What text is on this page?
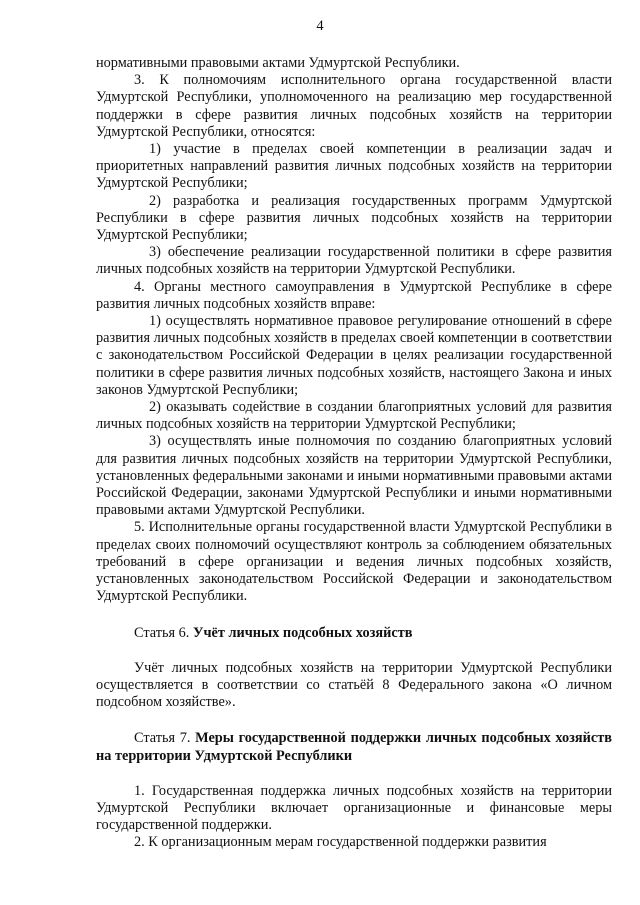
4

нормативными правовыми актами Удмуртской Республики.

3. К полномочиям исполнительного органа государственной власти Удмуртской Республики, уполномоченного на реализацию мер государственной поддержки в сфере развития личных подсобных хозяйств на территории Удмуртской Республики, относятся:

1) участие в пределах своей компетенции в реализации задач и приоритетных направлений развития личных подсобных хозяйств на территории Удмуртской Республики;

2) разработка и реализация государственных программ Удмуртской Республики в сфере развития личных подсобных хозяйств на территории Удмуртской Республики;

3) обеспечение реализации государственной политики в сфере развития личных подсобных хозяйств на территории Удмуртской Республики.

4. Органы местного самоуправления в Удмуртской Республике в сфере развития личных подсобных хозяйств вправе:

1) осуществлять нормативное правовое регулирование отношений в сфере развития личных подсобных хозяйств в пределах своей компетенции в соответствии с законодательством Российской Федерации в целях реализации государственной политики в сфере развития личных подсобных хозяйств, настоящего Закона и иных законов Удмуртской Республики;

2) оказывать содействие в создании благоприятных условий для развития личных подсобных хозяйств на территории Удмуртской Республики;

3) осуществлять иные полномочия по созданию благоприятных условий для развития личных подсобных хозяйств на территории Удмуртской Республики, установленных федеральными законами и иными нормативными правовыми актами Российской Федерации, законами Удмуртской Республики и иными нормативными правовыми актами Удмуртской Республики.

5. Исполнительные органы государственной власти Удмуртской Республики в пределах своих полномочий осуществляют контроль за соблюдением обязательных требований в сфере организации и ведения личных подсобных хозяйств, установленных законодательством Российской Федерации и законодательством Удмуртской Республики.

Статья 6. Учёт личных подсобных хозяйств

Учёт личных подсобных хозяйств на территории Удмуртской Республики осуществляется в соответствии со статьёй 8 Федерального закона «О личном подсобном хозяйстве».

Статья 7. Меры государственной поддержки личных подсобных хозяйств на территории Удмуртской Республики

1. Государственная поддержка личных подсобных хозяйств на территории Удмуртской Республики включает организационные и финансовые меры государственной поддержки.

2. К организационным мерам государственной поддержки развития
